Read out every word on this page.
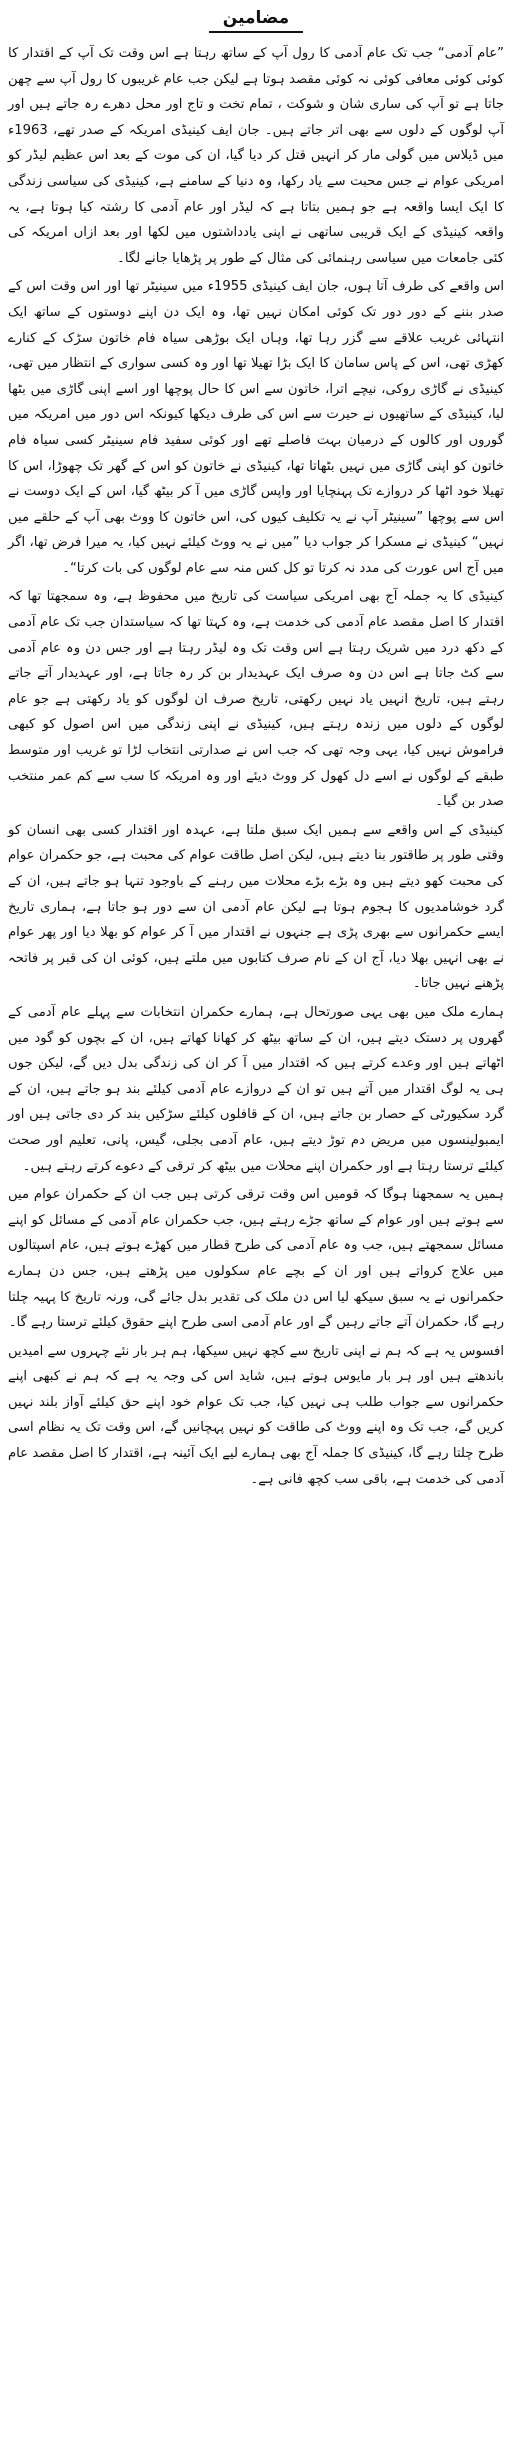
مضامین

”عام آدمی“ جب تک عام آدمی کا رول آپ کے ساتھ رہتا ہے اس وقت تک آپ کے اقتدار کا کوئی کوئی معافی کوئی نہ کوئی مقصد ہوتا ہے لیکن جب عام غریبوں کا رول آپ سے چھن جاتا ہے تو آپ کی ساری شان و شوکت ، تمام تخت و تاج اور محل دھرے رہ جاتے ہیں اور آپ لوگوں کے دلوں سے بھی اتر جاتے ہیں۔ جان ایف کینیڈی امریکہ کے صدر تھے، 1963ء میں ڈیلاس میں گولی مار کر انہیں قتل کر دیا گیا، ان کی موت کے بعد اس عظیم لیڈر کو امریکی عوام نے جس محبت سے یاد رکھا، وہ دنیا کے سامنے ہے، کینیڈی کی سیاسی زندگی کا ایک ایسا واقعہ ہے جو ہمیں بتاتا ہے کہ لیڈر اور عام آدمی کا رشتہ کیا ہوتا ہے، یہ واقعہ کینیڈی کے ایک قریبی ساتھی نے اپنی یادداشتوں میں لکھا اور بعد ازاں امریکہ کی کئی جامعات میں سیاسی رہنمائی کی مثال کے طور پر پڑھایا جانے لگا۔

اس واقعے کی طرف آتا ہوں، جان ایف کینیڈی 1955ء میں سینیٹر تھا اور اس وقت اس کے صدر بننے کے دور دور تک کوئی امکان نہیں تھا، وہ ایک دن اپنے دوستوں کے ساتھ ایک انتہائی غریب علاقے سے گزر رہا تھا، وہاں ایک بوڑھی سیاہ فام خاتون سڑک کے کنارے کھڑی تھی، اس کے پاس سامان کا ایک بڑا تھیلا تھا اور وہ کسی سواری کے انتظار میں تھی، کینیڈی نے گاڑی روکی، نیچے اترا، خاتون سے اس کا حال پوچھا اور اسے اپنی گاڑی میں بٹھا لیا، کینیڈی کے ساتھیوں نے حیرت سے اس کی طرف دیکھا کیونکہ اس دور میں امریکہ میں گوروں اور کالوں کے درمیان بہت فاصلے تھے اور کوئی سفید فام سینیٹر کسی سیاہ فام خاتون کو اپنی گاڑی میں نہیں بٹھاتا تھا، کینیڈی نے خاتون کو اس کے گھر تک چھوڑا، اس کا تھیلا خود اٹھا کر دروازے تک پہنچایا اور واپس گاڑی میں آ کر بیٹھ گیا، اس کے ایک دوست نے اس سے پوچھا ”سینیٹر آپ نے یہ تکلیف کیوں کی، اس خاتون کا ووٹ بھی آپ کے حلقے میں نہیں“ کینیڈی نے مسکرا کر جواب دیا ”میں نے یہ ووٹ کیلئے نہیں کیا، یہ میرا فرض تھا، اگر میں آج اس عورت کی مدد نہ کرتا تو کل کس منہ سے عام لوگوں کی بات کرتا“۔

کینیڈی کا یہ جملہ آج بھی امریکی سیاست کی تاریخ میں محفوظ ہے، وہ سمجھتا تھا کہ اقتدار کا اصل مقصد عام آدمی کی خدمت ہے، وہ کہتا تھا کہ سیاستدان جب تک عام آدمی کے دکھ درد میں شریک رہتا ہے اس وقت تک وہ لیڈر رہتا ہے اور جس دن وہ عام آدمی سے کٹ جاتا ہے اس دن وہ صرف ایک عہدیدار بن کر رہ جاتا ہے، اور عہدیدار آتے جاتے رہتے ہیں، تاریخ انہیں یاد نہیں رکھتی، تاریخ صرف ان لوگوں کو یاد رکھتی ہے جو عام لوگوں کے دلوں میں زندہ رہتے ہیں، کینیڈی نے اپنی زندگی میں اس اصول کو کبھی فراموش نہیں کیا، یہی وجہ تھی کہ جب اس نے صدارتی انتخاب لڑا تو غریب اور متوسط طبقے کے لوگوں نے اسے دل کھول کر ووٹ دیئے اور وہ امریکہ کا سب سے کم عمر منتخب صدر بن گیا۔

کینیڈی کے اس واقعے سے ہمیں ایک سبق ملتا ہے، عہدہ اور اقتدار کسی بھی انسان کو وقتی طور پر طاقتور بنا دیتے ہیں، لیکن اصل طاقت عوام کی محبت ہے، جو حکمران عوام کی محبت کھو دیتے ہیں وہ بڑے بڑے محلات میں رہنے کے باوجود تنہا ہو جاتے ہیں، ان کے گرد خوشامدیوں کا ہجوم ہوتا ہے لیکن عام آدمی ان سے دور ہو جاتا ہے، ہماری تاریخ ایسے حکمرانوں سے بھری پڑی ہے جنہوں نے اقتدار میں آ کر عوام کو بھلا دیا اور پھر عوام نے بھی انہیں بھلا دیا، آج ان کے نام صرف کتابوں میں ملتے ہیں، کوئی ان کی قبر پر فاتحہ پڑھنے نہیں جاتا۔

ہمارے ملک میں بھی یہی صورتحال ہے، ہمارے حکمران انتخابات سے پہلے عام آدمی کے گھروں پر دستک دیتے ہیں، ان کے ساتھ بیٹھ کر کھانا کھاتے ہیں، ان کے بچوں کو گود میں اٹھاتے ہیں اور وعدے کرتے ہیں کہ اقتدار میں آ کر ان کی زندگی بدل دیں گے، لیکن جوں ہی یہ لوگ اقتدار میں آتے ہیں تو ان کے دروازے عام آدمی کیلئے بند ہو جاتے ہیں، ان کے گرد سکیورٹی کے حصار بن جاتے ہیں، ان کے قافلوں کیلئے سڑکیں بند کر دی جاتی ہیں اور ایمبولینسوں میں مریض دم توڑ دیتے ہیں، عام آدمی بجلی، گیس، پانی، تعلیم اور صحت کیلئے ترستا رہتا ہے اور حکمران اپنے محلات میں بیٹھ کر ترقی کے دعوے کرتے رہتے ہیں۔

ہمیں یہ سمجھنا ہوگا کہ قومیں اس وقت ترقی کرتی ہیں جب ان کے حکمران عوام میں سے ہوتے ہیں اور عوام کے ساتھ جڑے رہتے ہیں، جب حکمران عام آدمی کے مسائل کو اپنے مسائل سمجھتے ہیں، جب وہ عام آدمی کی طرح قطار میں کھڑے ہوتے ہیں، عام اسپتالوں میں علاج کرواتے ہیں اور ان کے بچے عام سکولوں میں پڑھتے ہیں، جس دن ہمارے حکمرانوں نے یہ سبق سیکھ لیا اس دن ملک کی تقدیر بدل جائے گی، ورنہ تاریخ کا پہیہ چلتا رہے گا، حکمران آتے جاتے رہیں گے اور عام آدمی اسی طرح اپنے حقوق کیلئے ترستا رہے گا۔

افسوس یہ ہے کہ ہم نے اپنی تاریخ سے کچھ نہیں سیکھا، ہم ہر بار نئے چہروں سے امیدیں باندھتے ہیں اور ہر بار مایوس ہوتے ہیں، شاید اس کی وجہ یہ ہے کہ ہم نے کبھی اپنے حکمرانوں سے جواب طلب ہی نہیں کیا، جب تک عوام خود اپنے حق کیلئے آواز بلند نہیں کریں گے، جب تک وہ اپنے ووٹ کی طاقت کو نہیں پہچانیں گے، اس وقت تک یہ نظام اسی طرح چلتا رہے گا، کینیڈی کا جملہ آج بھی ہمارے لیے ایک آئینہ ہے، اقتدار کا اصل مقصد عام آدمی کی خدمت ہے، باقی سب کچھ فانی ہے۔
